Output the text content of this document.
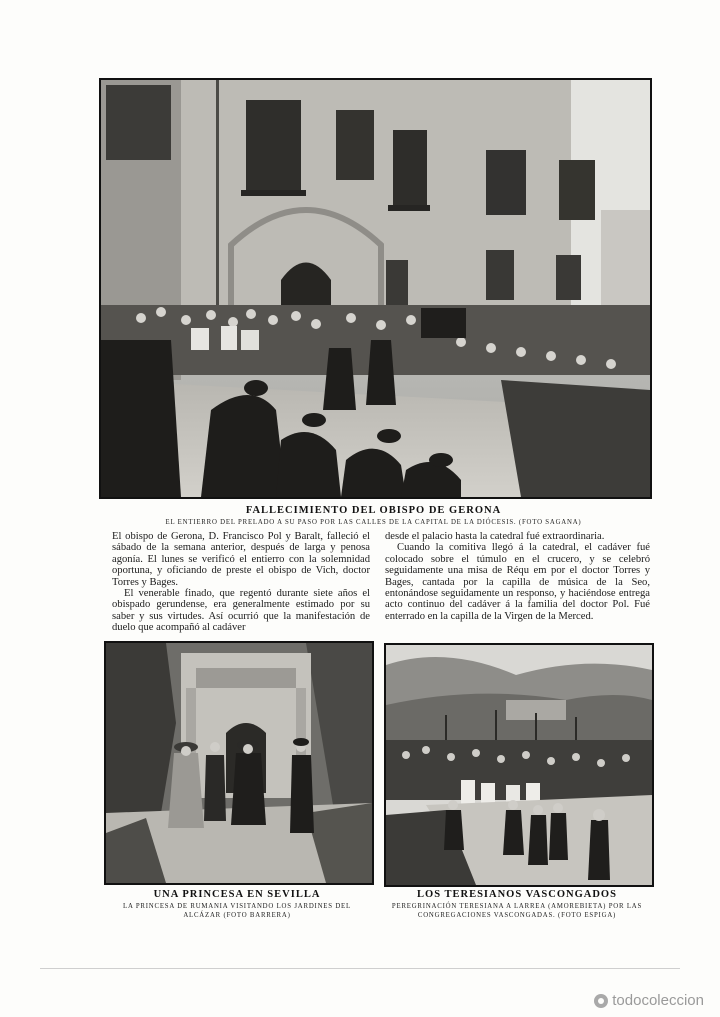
FALLECIMIENTO DEL OBISPO DE GERONA
EL ENTIERRO DEL PRELADO A SU PASO POR LAS CALLES DE LA CAPITAL DE LA DIÓCESIS. (FOTO SAGANA)

El obispo de Gerona, D. Francisco Pol y Baralt, falleció el sábado de la semana anterior, después de larga y penosa agonía. El lunes se verificó el entierro con la solemnidad oportuna, y oficiando de preste el obispo de Vich, doctor Torres y Bages.

El venerable finado, que regentó durante siete años el obispado gerundense, era generalmente estimado por su saber y sus virtudes. Así ocurrió que la manifestación de duelo que acompañó al cadáver

desde el palacio hasta la catedral fué extraordinaria.

Cuando la comitiva llegó á la catedral, el cadáver fué colocado sobre el túmulo en el crucero, y se celebró seguidamente una misa de Réqu em por el doctor Torres y Bages, cantada por la capilla de música de la Seo, entonándose seguidamente un responso, y haciéndose entrega acto continuo del cadáver á la familia del doctor Pol. Fué enterrado en la capilla de la Virgen de la Merced.

UNA PRINCESA EN SEVILLA
LA PRINCESA DE RUMANIA VISITANDO LOS JARDINES DEL ALCÁZAR (FOTO BARRERA)
LOS TERESIANOS VASCONGADOS
PEREGRINACIÓN TERESIANA A LARREA (AMOREBIETA) POR LAS CONGREGACIONES VASCONGADAS. (FOTO ESPIGA)
todocoleccion
